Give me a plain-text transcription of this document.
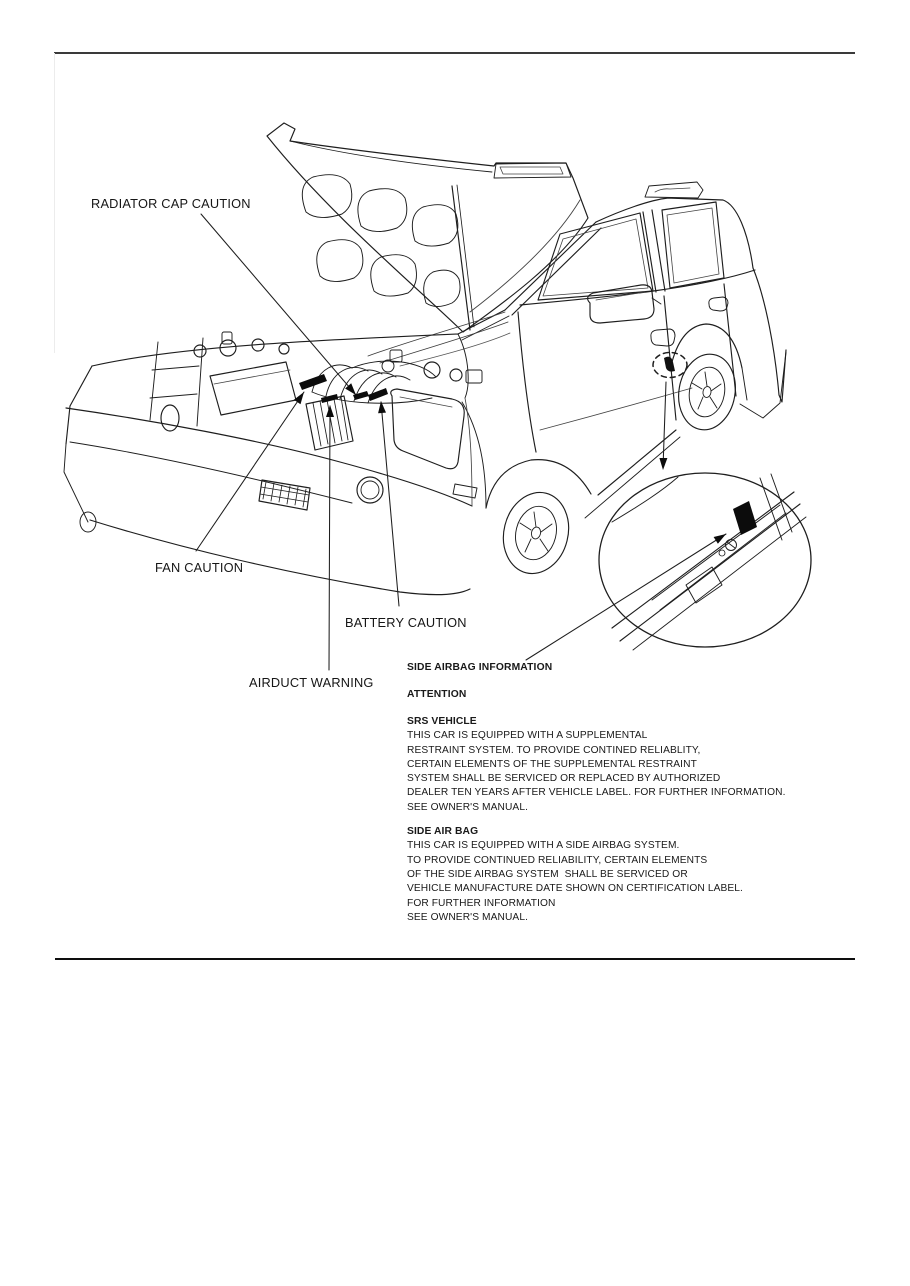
RADIATOR CAP CAUTION
FAN CAUTION
BATTERY CAUTION
AIRDUCT WARNING
SIDE AIRBAG INFORMATION
ATTENTION
SRS VEHICLE
THIS CAR IS EQUIPPED WITH A SUPPLEMENTAL
RESTRAINT SYSTEM. TO PROVIDE CONTINED RELIABLITY,
CERTAIN ELEMENTS OF THE SUPPLEMENTAL RESTRAINT
SYSTEM SHALL BE SERVICED OR REPLACED BY AUTHORIZED
DEALER TEN YEARS AFTER VEHICLE LABEL. FOR FURTHER INFORMATION.
SEE OWNER'S MANUAL.
SIDE AIR BAG
THIS CAR IS EQUIPPED WITH A SIDE AIRBAG SYSTEM.
TO PROVIDE CONTINUED RELIABILITY, CERTAIN ELEMENTS
OF THE SIDE AIRBAG SYSTEM  SHALL BE SERVICED OR
VEHICLE MANUFACTURE DATE SHOWN ON CERTIFICATION LABEL.
FOR FURTHER INFORMATION
SEE OWNER'S MANUAL.
